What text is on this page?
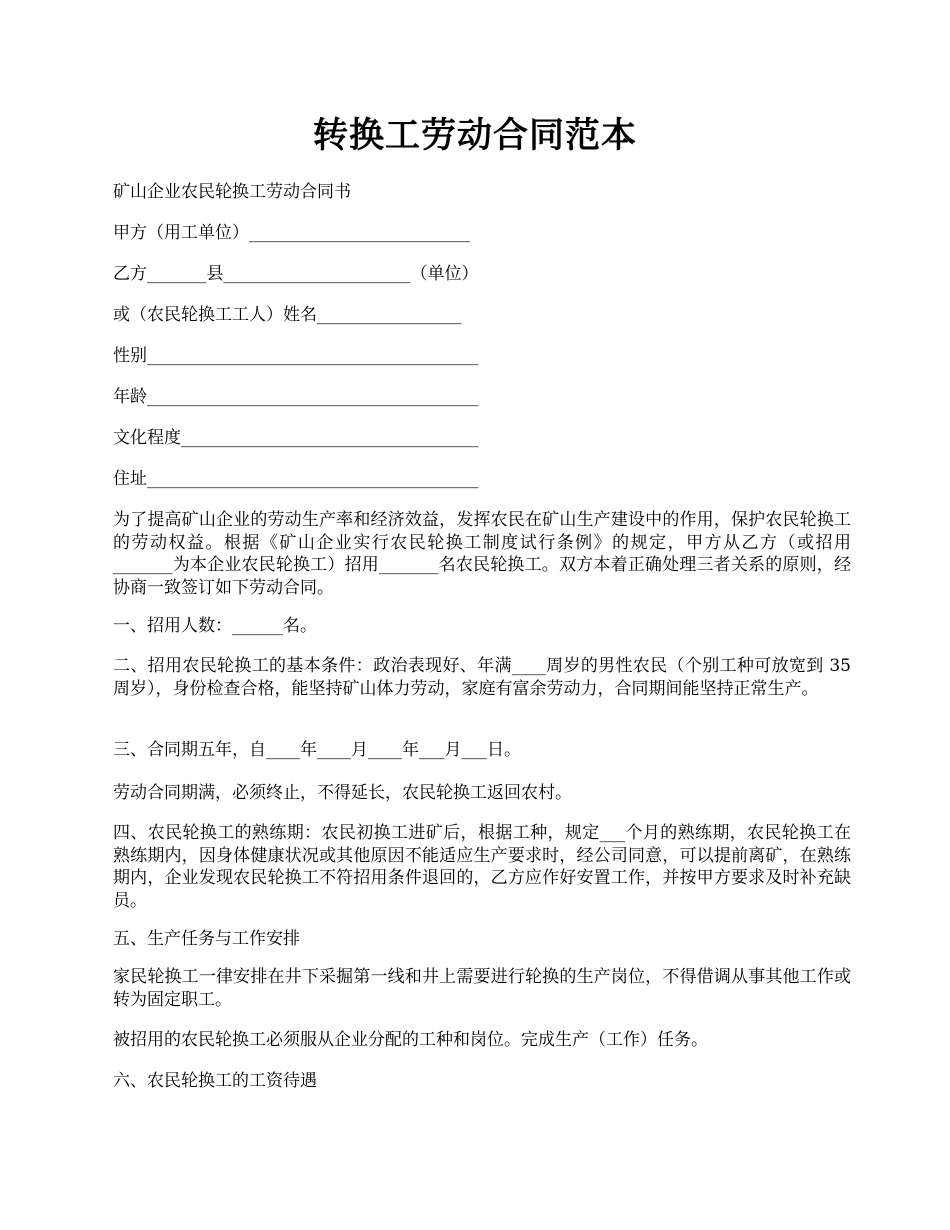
转换工劳动合同范本
矿山企业农民轮换工劳动合同书
甲方（用工单位）__________________________
乙方_______县______________________（单位）
或（农民轮换工工人）姓名_________________
性别_______________________________________
年龄_______________________________________
文化程度___________________________________
住址_______________________________________
为了提高矿山企业的劳动生产率和经济效益，发挥农民在矿山生产建设中的作用，保护农民轮换工的劳动权益。根据《矿山企业实行农民轮换工制度试行条例》的规定，甲方从乙方（或招用_______为本企业农民轮换工）招用_______名农民轮换工。双方本着正确处理三者关系的原则，经协商一致签订如下劳动合同。
一、招用人数：______名。
二、招用农民轮换工的基本条件：政治表现好、年满____周岁的男性农民（个别工种可放宽到 35 周岁），身份检查合格，能坚持矿山体力劳动，家庭有富余劳动力，合同期间能坚持正常生产。
三、合同期五年，自____年____月____年___月___日。
劳动合同期满，必须终止，不得延长，农民轮换工返回农村。
四、农民轮换工的熟练期：农民初换工进矿后，根据工种，规定___个月的熟练期，农民轮换工在熟练期内，因身体健康状况或其他原因不能适应生产要求时，经公司同意，可以提前离矿，在熟练期内，企业发现农民轮换工不符招用条件退回的，乙方应作好安置工作，并按甲方要求及时补充缺员。
五、生产任务与工作安排
家民轮换工一律安排在井下采掘第一线和井上需要进行轮换的生产岗位，不得借调从事其他工作或转为固定职工。
被招用的农民轮换工必须服从企业分配的工种和岗位。完成生产（工作）任务。
六、农民轮换工的工资待遇
